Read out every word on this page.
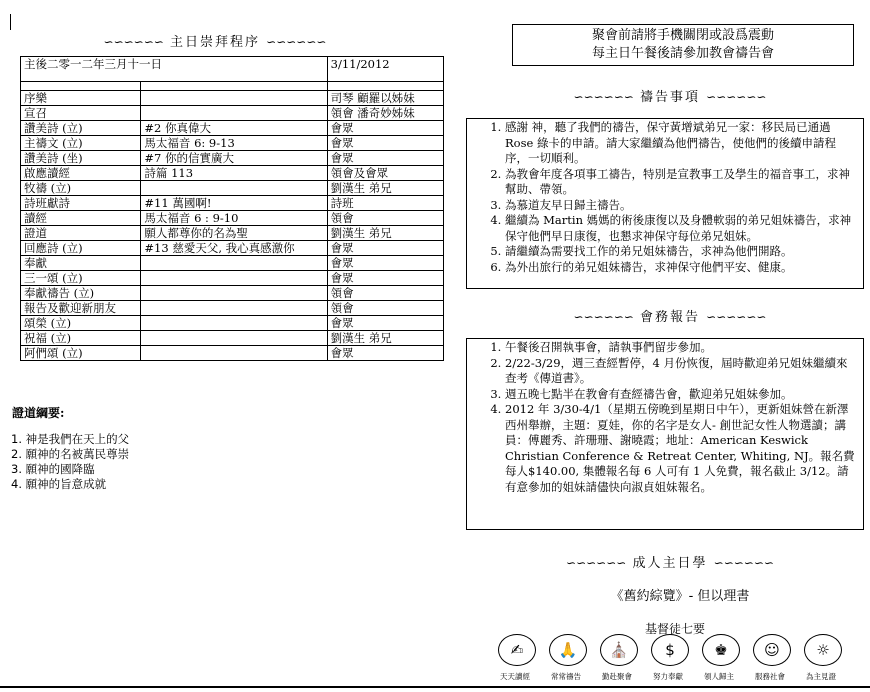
∽∽∽∽∽∽ 主日崇拜程序 ∽∽∽∽∽∽
主後二零一二年三月十一日		3/11/2012

序樂		司琴 顧羅以姊妹
宣召		領會 潘奇妙姊妹
讚美詩 (立)	#2 你真偉大	會眾
主禱文 (立)	馬太福音 6: 9-13	會眾
讚美詩 (坐)	#7 你的信實廣大	會眾
啟應讀經	詩篇 113	領會及會眾
牧禱 (立)		劉漢生 弟兄
詩班獻詩	#11 萬國啊!	詩班
讀經	馬太福音 6 : 9-10	領會
證道	願人都尊你的名為聖	劉漢生 弟兄
回應詩 (立)	#13 慈愛天父, 我心真感激你	會眾
奉獻		會眾
三一頌 (立)		會眾
奉獻禱告 (立)		領會
報告及歡迎新朋友		領會
頌榮 (立)		會眾
祝福 (立)		劉漢生 弟兄
阿們頌 (立)		會眾
證道綱要:
1. 神是我們在天上的父
2. 願神的名被萬民尊崇
3. 願神的國降臨
4. 願神的旨意成就
聚會前請將手機關閉或設爲震動
每主日午餐後請參加教會禱告會
∽∽∽∽∽∽ 禱告事項 ∽∽∽∽∽∽
1. 感謝 神，聽了我們的禱告，保守黃增斌弟兄一家：移民局已通過 Rose 綠卡的申請。請大家繼續為他們禱告，使他們的後續申請程序，一切順利。
2. 為教會年度各項事工禱告，特別是宣教事工及學生的福音事工，求神幫助、帶領。
3. 為慕道友早日歸主禱告。
4. 繼續為 Martin 媽媽的術後康復以及身體軟弱的弟兄姐妹禱告，求神保守他們早日康復，也懇求神保守每位弟兄姐妹。
5. 請繼續為需要找工作的弟兄姐妹禱告，求神為他們開路。
6. 為外出旅行的弟兄姐妹禱告，求神保守他們平安、健康。
∽∽∽∽∽∽ 會務報告 ∽∽∽∽∽∽
1. 午餐後召開執事會，請執事們留步參加。
2. 2/22-3/29，週三查經暫停，4 月份恢復，屆時歡迎弟兄姐妹繼續來查考《傳道書》。
3. 週五晚七點半在教會有查經禱告會，歡迎弟兄姐妹參加。
4. 2012 年 3/30-4/1（星期五傍晚到星期日中午），更新姐妹營在新澤西州舉辦，主題：夏娃，你的名字是女人- 創世記女性人物選讀；講員：傅麗秀、許珊珊、謝曉霞；地址：American Keswick Christian Conference & Retreat Center, Whiting, NJ。報名費每人$140.00, 集體報名每 6 人可有 1 人免費，報名截止 3/12。請有意參加的姐妹請儘快向淑貞姐妹報名。
∽∽∽∽∽∽ 成人主日學 ∽∽∽∽∽∽
《舊約綜覽》- 但以理書
基督徒七要
✍	🙏	⛪	$	♚	☺	☼
天天讀經	常常禱告	勤赴聚會	努力奉獻	領人歸主	服務社會	為主見證
